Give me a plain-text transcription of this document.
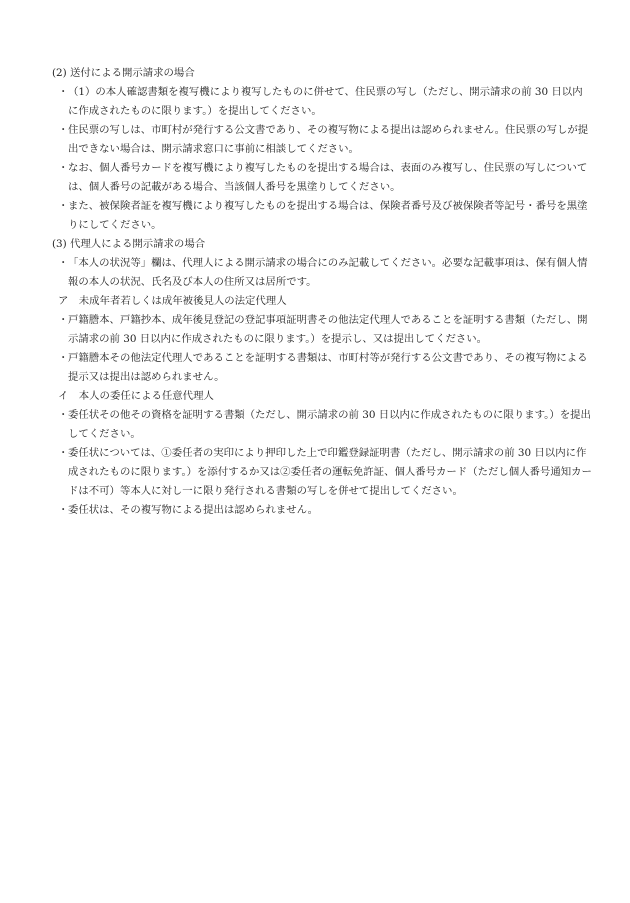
(2) 送付による開示請求の場合

・ （1）の本人確認書類を複写機により複写したものに併せて、住民票の写し（ただし、開示請求の前 30 日以内に作成されたものに限ります。）を提出してください。
・ 住民票の写しは、市町村が発行する公文書であり、その複写物による提出は認められません。住民票の写しが提出できない場合は、開示請求窓口に事前に相談してください。
・ なお、個人番号カードを複写機により複写したものを提出する場合は、表面のみ複写し、住民票の写しについては、個人番号の記載がある場合、当該個人番号を黒塗りしてください。
・ また、被保険者証を複写機により複写したものを提出する場合は、保険者番号及び被保険者等記号・番号を黒塗りにしてください。

(3) 代理人による開示請求の場合

・ 「本人の状況等」欄は、代理人による開示請求の場合にのみ記載してください。必要な記載事項は、保有個人情報の本人の状況、氏名及び本人の住所又は居所です。

ア　未成年者若しくは成年被後見人の法定代理人

・ 戸籍謄本、戸籍抄本、成年後見登記の登記事項証明書その他法定代理人であることを証明する書類（ただし、開示請求の前 30 日以内に作成されたものに限ります。）を提示し、又は提出してください。
・ 戸籍謄本その他法定代理人であることを証明する書類は、市町村等が発行する公文書であり、その複写物による提示又は提出は認められません。

イ　本人の委任による任意代理人

・ 委任状その他その資格を証明する書類（ただし、開示請求の前 30 日以内に作成されたものに限ります。）を提出してください。
・ 委任状については、①委任者の実印により押印した上で印鑑登録証明書（ただし、開示請求の前 30 日以内に作成されたものに限ります。）を添付するか又は②委任者の運転免許証、個人番号カード（ただし個人番号通知カードは不可）等本人に対し一に限り発行される書類の写しを併せて提出してください。
・ 委任状は、その複写物による提出は認められません。
